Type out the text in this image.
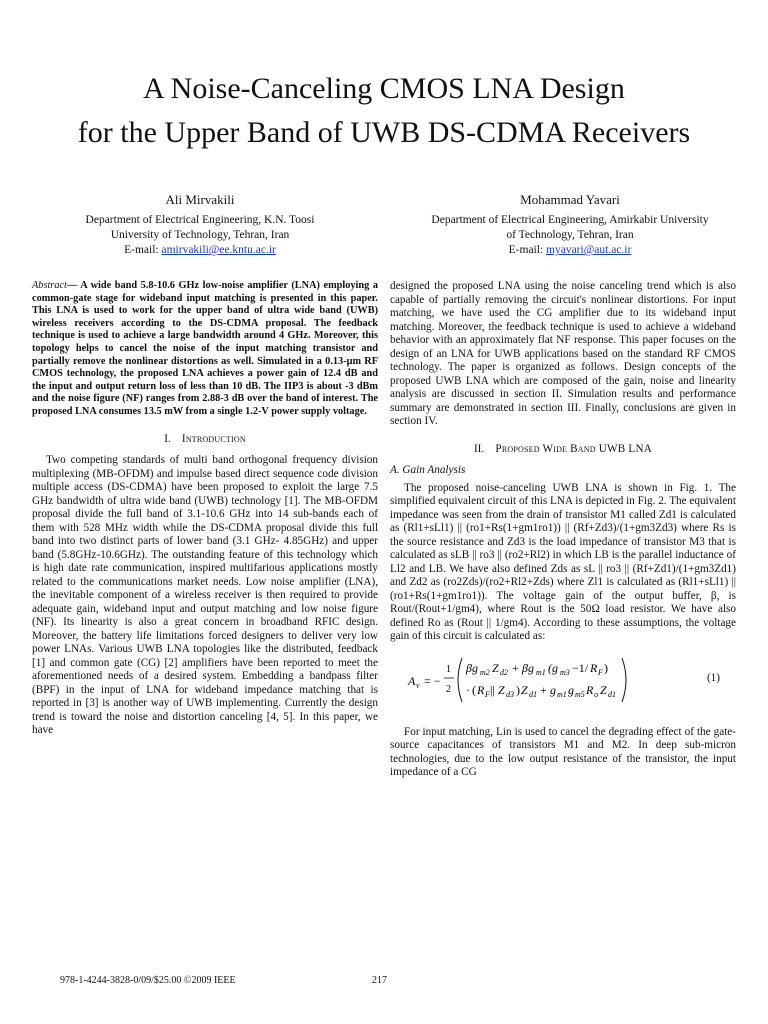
A Noise-Canceling CMOS LNA Design
for the Upper Band of UWB DS-CDMA Receivers
Ali Mirvakili
Department of Electrical Engineering, K.N. Toosi
University of Technology, Tehran, Iran
E-mail: amirvakili@ee.kntu.ac.ir
Mohammad Yavari
Department of Electrical Engineering, Amirkabir University
of Technology, Tehran, Iran
E-mail: myavari@aut.ac.ir

Abstract— A wide band 5.8-10.6 GHz low-noise amplifier (LNA) employing a common-gate stage for wideband input matching is presented in this paper. This LNA is used to work for the upper band of ultra wide band (UWB) wireless receivers according to the DS-CDMA proposal. The feedback technique is used to achieve a large bandwidth around 4 GHz. Moreover, this topology helps to cancel the noise of the input matching transistor and partially remove the nonlinear distortions as well. Simulated in a 0.13-μm RF CMOS technology, the proposed LNA achieves a power gain of 12.4 dB and the input and output return loss of less than 10 dB. The IIP3 is about -3 dBm and the noise figure (NF) ranges from 2.88-3 dB over the band of interest. The proposed LNA consumes 13.5 mW from a single 1.2-V power supply voltage.

I. Introduction

Two competing standards of multi band orthogonal frequency division multiplexing (MB-OFDM) and impulse based direct sequence code division multiple access (DS-CDMA) have been proposed to exploit the large 7.5 GHz bandwidth of ultra wide band (UWB) technology [1]. The MB-OFDM proposal divide the full band of 3.1-10.6 GHz into 14 sub-bands each of them with 528 MHz width while the DS-CDMA proposal divide this full band into two distinct parts of lower band (3.1 GHz- 4.85GHz) and upper band (5.8GHz-10.6GHz). The outstanding feature of this technology which is high date rate communication, inspired multifarious applications mostly related to the communications market needs. Low noise amplifier (LNA), the inevitable component of a wireless receiver is then required to provide adequate gain, wideband input and output matching and low noise figure (NF). Its linearity is also a great concern in broadband RFIC design. Moreover, the battery life limitations forced designers to deliver very low power LNAs. Various UWB LNA topologies like the distributed, feedback [1] and common gate (CG) [2] amplifiers have been reported to meet the aforementioned needs of a desired system. Embedding a bandpass filter (BPF) in the input of LNA for wideband impedance matching that is reported in [3] is another way of UWB implementing. Currently the design trend is toward the noise and distortion canceling [4, 5]. In this paper, we have

designed the proposed LNA using the noise canceling trend which is also capable of partially removing the circuit's nonlinear distortions. For input matching, we have used the CG amplifier due to its wideband input matching. Moreover, the feedback technique is used to achieve a wideband behavior with an approximately flat NF response. This paper focuses on the design of an LNA for UWB applications based on the standard RF CMOS technology. The paper is organized as follows. Design concepts of the proposed UWB LNA which are composed of the gain, noise and linearity analysis are discussed in section II. Simulation results and performance summary are demonstrated in section III. Finally, conclusions are given in section IV.

II. Proposed Wide Band UWB LNA
A. Gain Analysis

The proposed noise-canceling UWB LNA is shown in Fig. 1. The simplified equivalent circuit of this LNA is depicted in Fig. 2. The equivalent impedance was seen from the drain of transistor M1 called Zd1 is calculated as (Rl1+sLl1) || (ro1+Rs(1+gm1ro1)) || (Rf+Zd3)/(1+gm3Zd3) where Rs is the source resistance and Zd3 is the load impedance of transistor M3 that is calculated as sLB || ro3 || (ro2+Rl2) in which LB is the parallel inductance of Ll2 and LB. We have also defined Zds as sL || ro3 || (Rf+Zd1)/(1+gm3Zd1) and Zd2 as (ro2Zds)/(ro2+Rl2+Zds) where Zl1 is calculated as (Rl1+sLl1) || (ro1+Rs(1+gm1ro1)). The voltage gain of the output buffer, β, is Rout/(Rout+1/gm4), where Rout is the 50Ω load resistor. We have also defined Ro as (Rout || 1/gm4). According to these assumptions, the voltage gain of this circuit is calculated as:

A v = −
1
2
βg m2 Z d2 + βg m1 (g m3 −1/ R F )
· ( R F || Z d3 ) Z d1 + g m1 g m5 R o Z d1
(1)

For input matching, Lin is used to cancel the degrading effect of the gate-source capacitances of transistors M1 and M2. In deep sub-micron technologies, due to the low output resistance of the transistor, the input impedance of a CG

978-1-4244-3828-0/09/$25.00 ©2009 IEEE	217
